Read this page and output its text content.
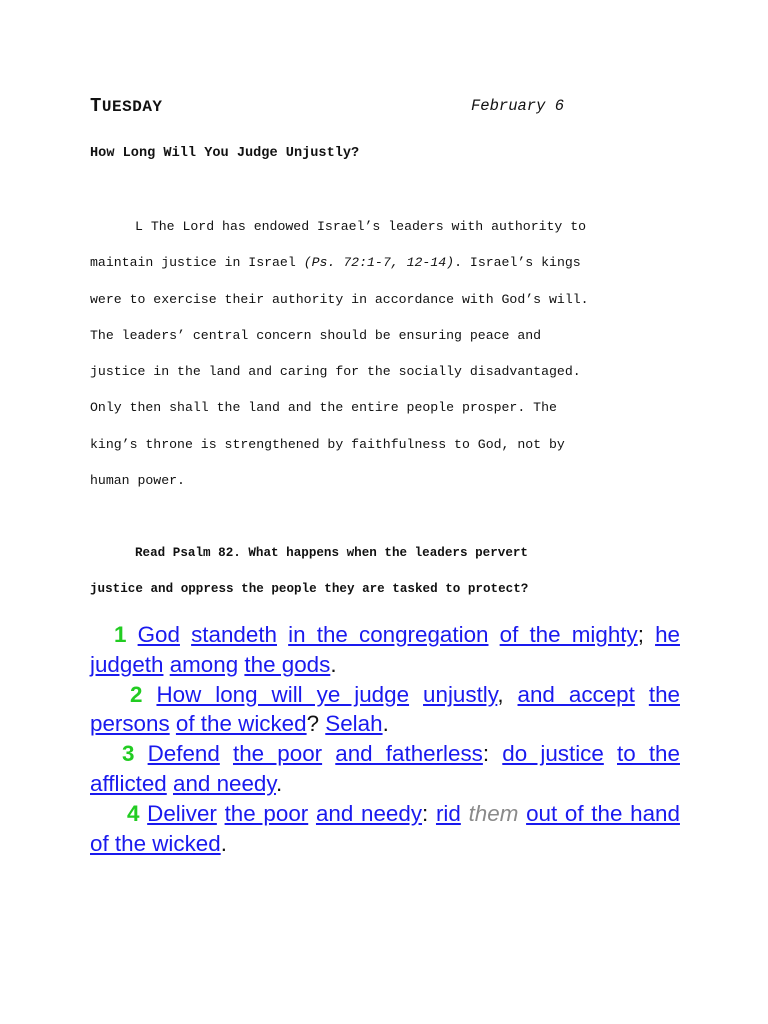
TUESDAY	February 6
How Long Will You Judge Unjustly?
L The Lord has endowed Israel’s leaders with authority to
maintain justice in Israel (Ps. 72:1-7, 12-14). Israel’s kings
were to exercise their authority in accordance with God’s will.
The leaders’ central concern should be ensuring peace and
justice in the land and caring for the socially disadvantaged.
Only then shall the land and the entire people prosper. The
king’s throne is strengthened by faithfulness to God, not by
human power.
Read Psalm 82. What happens when the leaders pervert
justice and oppress the people they are tasked to protect?

1 God standeth in the congregation of the mighty; he judgeth among the gods.

2 How long will ye judge unjustly, and accept the persons of the wicked? Selah.

3 Defend the poor and fatherless: do justice to the afflicted and needy.

4 Deliver the poor and needy: rid them out of the hand of the wicked.
